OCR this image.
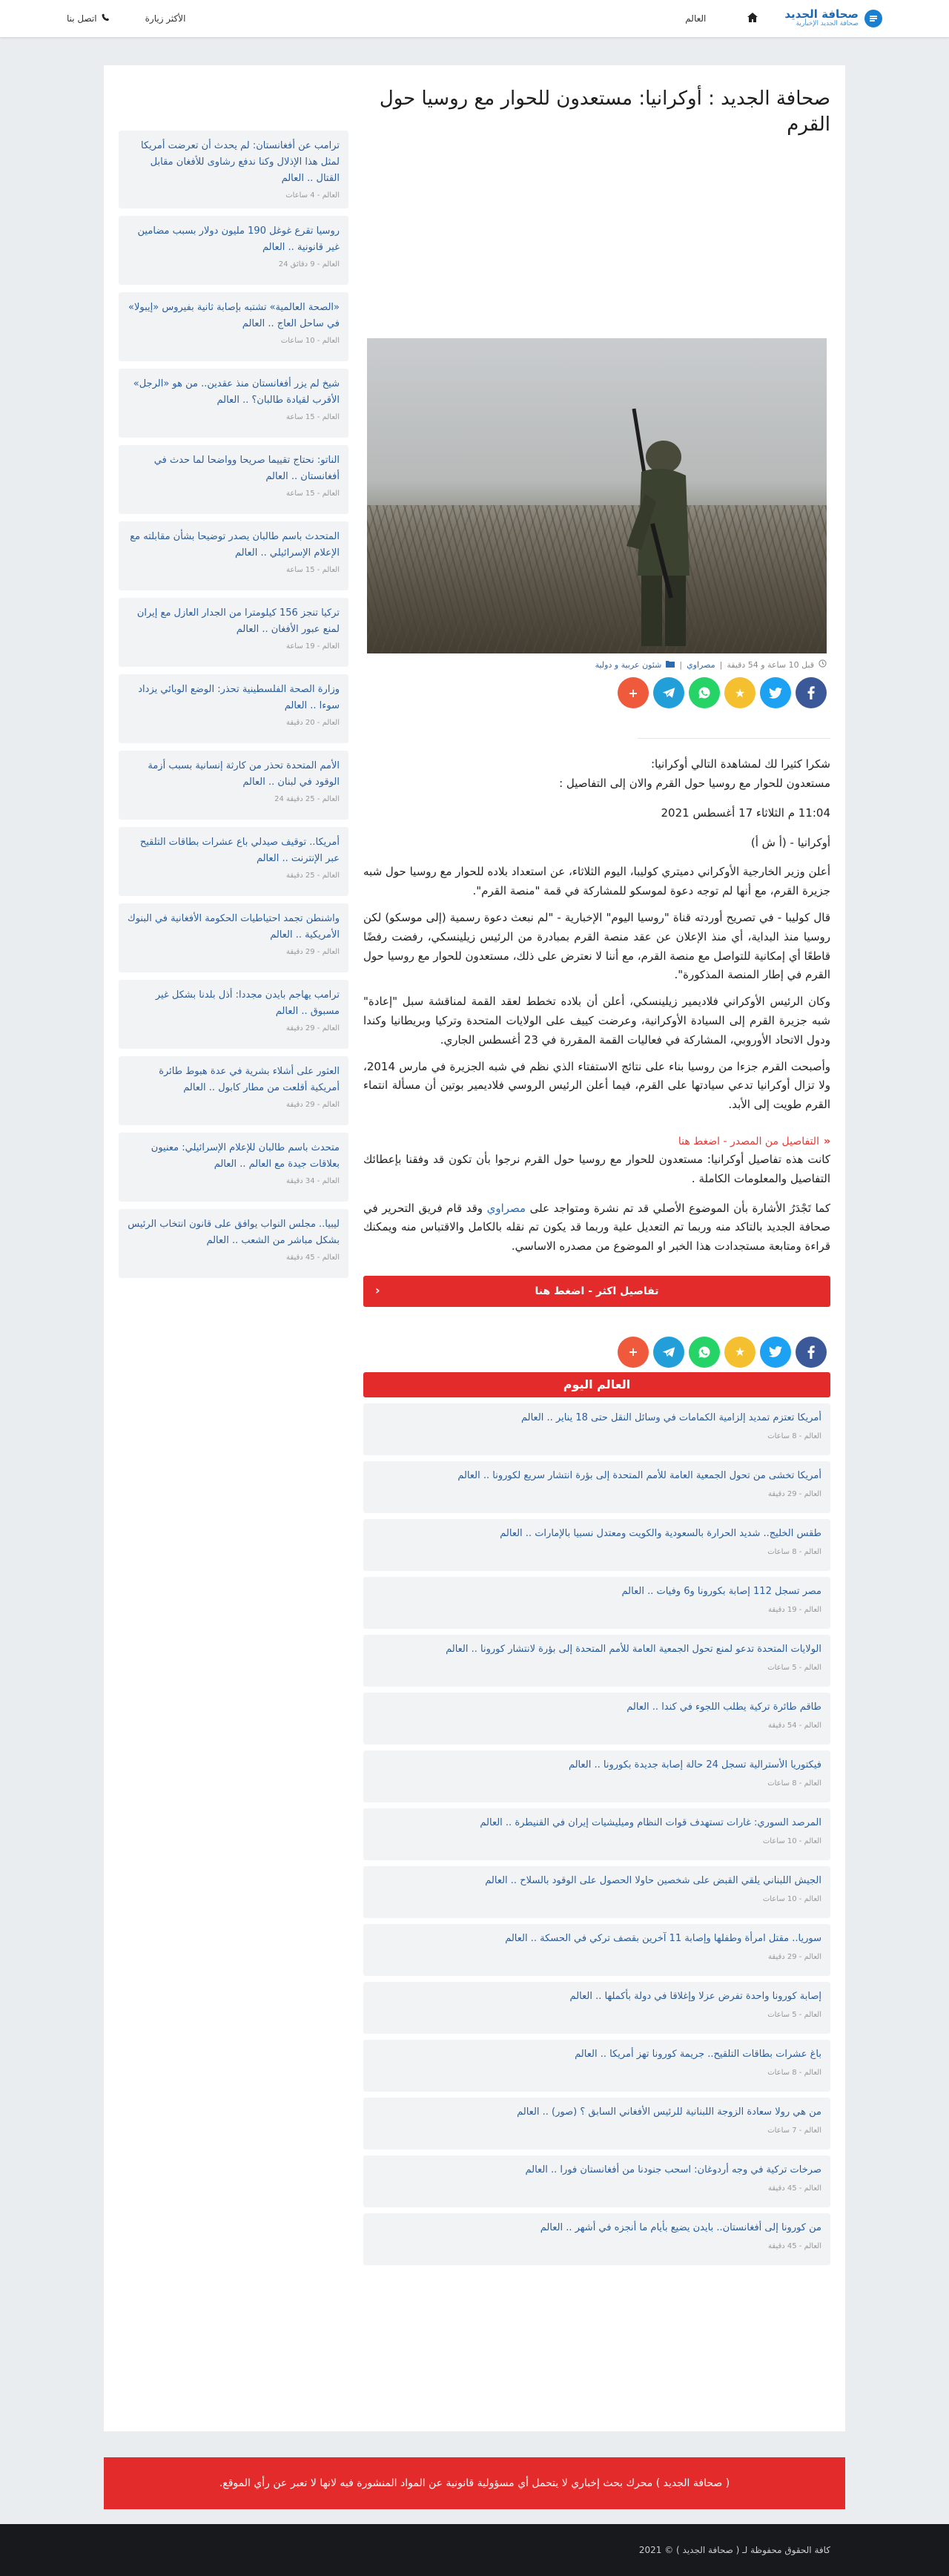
صحافة الجديد
صحافة الجديد الإخبارية
العالم
الأكثر زيارة
اتصل بنا
صحافة الجديد : أوكرانيا: مستعدون للحوار مع روسيا حول القرم
قبل 10 ساعة و 54 دقيقة
|
مصراوي
|
شئون عربية و دولية
★
+

شكرا كثيرا لك لمشاهدة التالي أوكرانيا:

مستعدون للحوار مع روسيا حول القرم والان إلى التفاصيل :

11:04 م الثلاثاء 17 أغسطس 2021

أوكرانيا - (أ ش أ)

أعلن وزير الخارجية الأوكراني دميتري كوليبا، اليوم الثلاثاء، عن استعداد بلاده للحوار مع روسيا حول شبه جزيرة القرم، مع أنها لم توجه دعوة لموسكو للمشاركة في قمة "منصة القرم".

قال كوليبا - في تصريح أوردته قناة "روسيا اليوم" الإخبارية - "لم نبعث دعوة رسمية (إلى موسكو) لكن روسيا منذ البداية، أي منذ الإعلان عن عقد منصة القرم بمبادرة من الرئيس زيلينسكي، رفضت رفضًا قاطعًا أي إمكانية للتواصل مع منصة القرم، مع أننا لا نعترض على ذلك، مستعدون للحوار مع روسيا حول القرم في إطار المنصة المذكورة".

وكان الرئيس الأوكراني فلاديمير زيلينسكي، أعلن أن بلاده تخطط لعقد القمة لمناقشة سبل "إعادة" شبه جزيرة القرم إلى السيادة الأوكرانية، وعرضت كييف على الولايات المتحدة وتركيا وبريطانيا وكندا ودول الاتحاد الأوروبي، المشاركة في فعاليات القمة المقررة في 23 أغسطس الجاري.

وأصبحت القرم جزءا من روسيا بناء على نتائج الاستفتاء الذي نظم في شبه الجزيرة في مارس 2014، ولا تزال أوكرانيا تدعي سيادتها على القرم، فيما أعلن الرئيس الروسي فلاديمير بوتين أن مسألة انتماء القرم طويت إلى الأبد.

«
التفاصيل من المصدر - اضغط هنا

كانت هذه تفاصيل أوكرانيا: مستعدون للحوار مع روسيا حول القرم نرجوا بأن تكون قد وفقنا بإعطائك التفاصيل والمعلومات الكاملة .

كما تَجْدَرُ الأشارة بأن الموضوع الأصلي قد تم نشرة ومتواجد على مصراوي وقد قام فريق التحرير في صحافة الجديد بالتاكد منه وربما تم التعديل علية وربما قد يكون تم نقله بالكامل والاقتباس منه ويمكنك قراءة ومتابعة مستجدادت هذا الخبر او الموضوع من مصدره الاساسي.

تفاصيل اكثر - اضغط هنا
‹
★
+
العالم اليوم
أمريكا تعتزم تمديد إلزامية الكمامات في وسائل النقل حتى 18 يناير .. العالم
العالم - 8 ساعات
أمريكا تخشى من تحول الجمعية العامة للأمم المتحدة إلى بؤرة انتشار سريع لكورونا .. العالم
العالم - 29 دقيقة
طقس الخليج.. شديد الحرارة بالسعودية والكويت ومعتدل نسبيا بالإمارات .. العالم
العالم - 8 ساعات
مصر تسجل 112 إصابة بكورونا و6 وفيات .. العالم
العالم - 19 دقيقة
الولايات المتحدة تدعو لمنع تحول الجمعية العامة للأمم المتحدة إلى بؤرة لانتشار كورونا .. العالم
العالم - 5 ساعات
طاقم طائرة تركية يطلب اللجوء في كندا .. العالم
العالم - 54 دقيقة
فيكتوريا الأسترالية تسجل 24 حالة إصابة جديدة بكورونا .. العالم
العالم - 8 ساعات
المرصد السوري: غارات تستهدف قوات النظام وميليشيات إيران في القنيطرة .. العالم
العالم - 10 ساعات
الجيش اللبناني يلقي القبض على شخصين حاولا الحصول على الوقود بالسلاح .. العالم
العالم - 10 ساعات
سوريا.. مقتل امرأة وطفلها وإصابة 11 آخرين بقصف تركي في الحسكة .. العالم
العالم - 29 دقيقة
إصابة كورونا واحدة تفرض عزلا وإغلاقا في دولة بأكملها .. العالم
العالم - 5 ساعات
باغ عشرات بطاقات التلقيح.. جريمة كورونا تهز أمريكا .. العالم
العالم - 8 ساعات
من هي رولا سعادة الزوجة اللبنانية للرئيس الأفغاني السابق ؟ (صور) .. العالم
العالم - 7 ساعات
صرخات تركية في وجه أردوغان: اسحب جنودنا من أفغانستان فورا .. العالم
العالم - 45 دقيقة
من كورونا إلى أفغانستان.. بايدن يضيع بأيام ما أنجزه في أشهر .. العالم
العالم - 45 دقيقة
ترامب عن أفغانستان: لم يحدث أن تعرضت أمريكا لمثل هذا الإذلال وكنا ندفع رشاوى للأفغان مقابل القتال .. العالم
العالم - 4 ساعات
روسيا تقرع غوغل 190 مليون دولار بسبب مضامين غير قانونية .. العالم
العالم - 9 دقائق 24
«الصحة العالمية» تشتبه بإصابة ثانية بفيروس «إيبولا» في ساحل العاج .. العالم
العالم - 10 ساعات
شيخ لم يزر أفغانستان منذ عقدين.. من هو «الرجل» الأقرب لقيادة طالبان؟ .. العالم
العالم - 15 ساعة
الناتو: نحتاج تقييما صريحا وواضحا لما حدث في أفغانستان .. العالم
العالم - 15 ساعة
المتحدث باسم طالبان يصدر توضيحا بشأن مقابلته مع الإعلام الإسرائيلي .. العالم
العالم - 15 ساعة
تركيا تنجز 156 كيلومترا من الجدار العازل مع إيران لمنع عبور الأفغان .. العالم
العالم - 19 ساعة
وزارة الصحة الفلسطينية تحذر: الوضع الوبائي يزداد سوءا .. العالم
العالم - 20 دقيقة
الأمم المتحدة تحذر من كارثة إنسانية بسبب أزمة الوقود في لبنان .. العالم
العالم - 25 دقيقة 24
أمريكا.. توقيف صيدلي باع عشرات بطاقات التلقيح عبر الإنترنت .. العالم
العالم - 25 دقيقة
واشنطن تجمد احتياطيات الحكومة الأفغانية في البنوك الأمريكية .. العالم
العالم - 29 دقيقة
ترامب يهاجم بايدن مجددا: أذل بلدنا بشكل غير مسبوق .. العالم
العالم - 29 دقيقة
العثور على أشلاء بشرية في عدة هبوط طائرة أمريكية أقلعت من مطار كابول .. العالم
العالم - 29 دقيقة
متحدث باسم طالبان للإعلام الإسرائيلي: معنيون بعلاقات جيدة مع العالم .. العالم
العالم - 34 دقيقة
ليبيا.. مجلس النواب يوافق على قانون انتخاب الرئيس بشكل مباشر من الشعب .. العالم
العالم - 45 دقيقة
( صحافة الجديد ) محرك بحث إخباري لا يتحمل أي مسؤولية قانونية عن المواد المنشورة فيه لانها لا تعبر عن رأي الموقع.
كافة الحقوق محفوظة لـ ( صحافة الجديد ) © 2021
